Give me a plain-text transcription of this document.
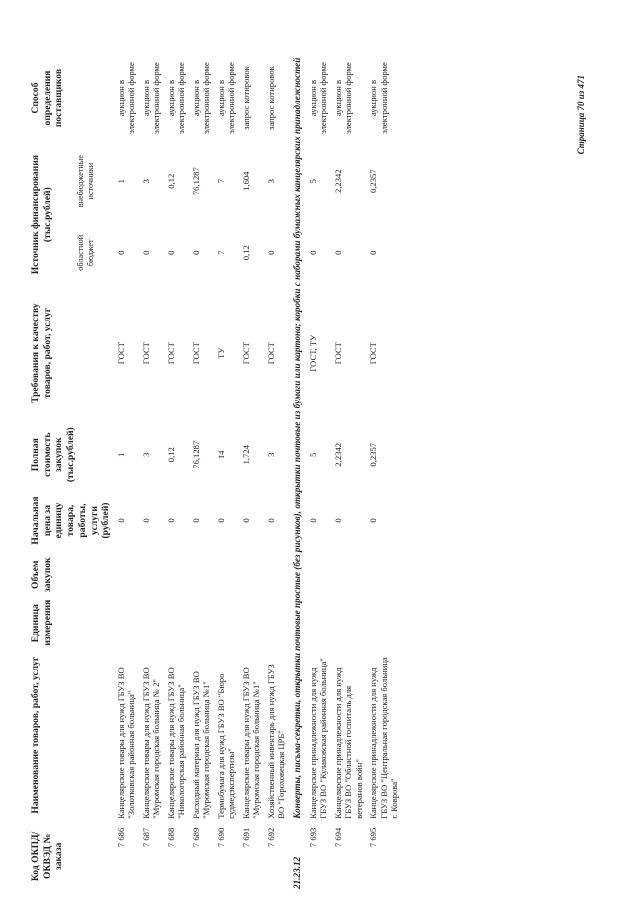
Код ОКПД/ ОКВЭД № заказа	Наименование товаров, работ, услуг	Единица измерения	Объем закупок	Начальная цена за единицу товара, работы, услуги (рублей)	Полная стоимость закупок (тыс.рублей)	Требования к качеству товаров, работ, услуг	Источник финансирования (тыс.рублей)		Способ определения поставщиков
							областной бюджет	внебюджетные источники	
7 686	Канцелярские товары для нужд ГБУЗ ВО "Золотковская районная больница"			0	1	ГОСТ	0	1	аукцион в электронной форме
7 687	Канцелярские товары для нужд ГБУЗ ВО "Муромская городская больница № 2"			0	3	ГОСТ	0	3	аукцион в электронной форме
7 688	Канцелярские товары для нужд ГБУЗ ВО "Никологорская районная больница"			0	0,12	ГОСТ	0	0,12	аукцион в электронной форме
7 689	Расходный материал для нужд ГБУЗ ВО "Муромская городская больница №1"			0	76,1287	ГОСТ	0	76,1287	аукцион в электронной форме
7 690	Термобумага для нужд ГБУЗ ВО "Бюро судмедэкспертизы"			0	14	ТУ	7	7	аукцион в электронной форме
7 691	Канцелярские товары для нужд ГБУЗ ВО "Муромская городская больница №1"			0	1,724	ГОСТ	0,12	1,604	запрос котировок
7 692	Хозяйственный инвентарь для нужд ГБУЗ ВО "Гороховецкая ЦРБ"			0	3	ГОСТ	0	3	запрос котировок
21.23.12	Конверты, письма-секретки, открытки почтовые простые (без рисунков), открытки почтовые из бумаги или картона; коробки с наборами бумажных канцелярских принадлежностей								
7 693	Канцелярские принадлежности для нужд ГБУЗ ВО "Кулаковская районная больница"			0	5	ГОСТ, ТУ	0	5	аукцион в электронной форме
7 694	Канцелярские принадлежности для нужд ГБУЗ ВО "Областной госпиталь для ветеранов войн"			0	2,2342	ГОСТ	0	2,2342	аукцион в электронной форме
7 695	Канцелярские принадлежности для нужд ГБУЗ ВО "Центральная городская больница г. Коврова"			0	0,2357	ГОСТ	0	0,2357	аукцион в электронной форме	Страница 70 из 471
